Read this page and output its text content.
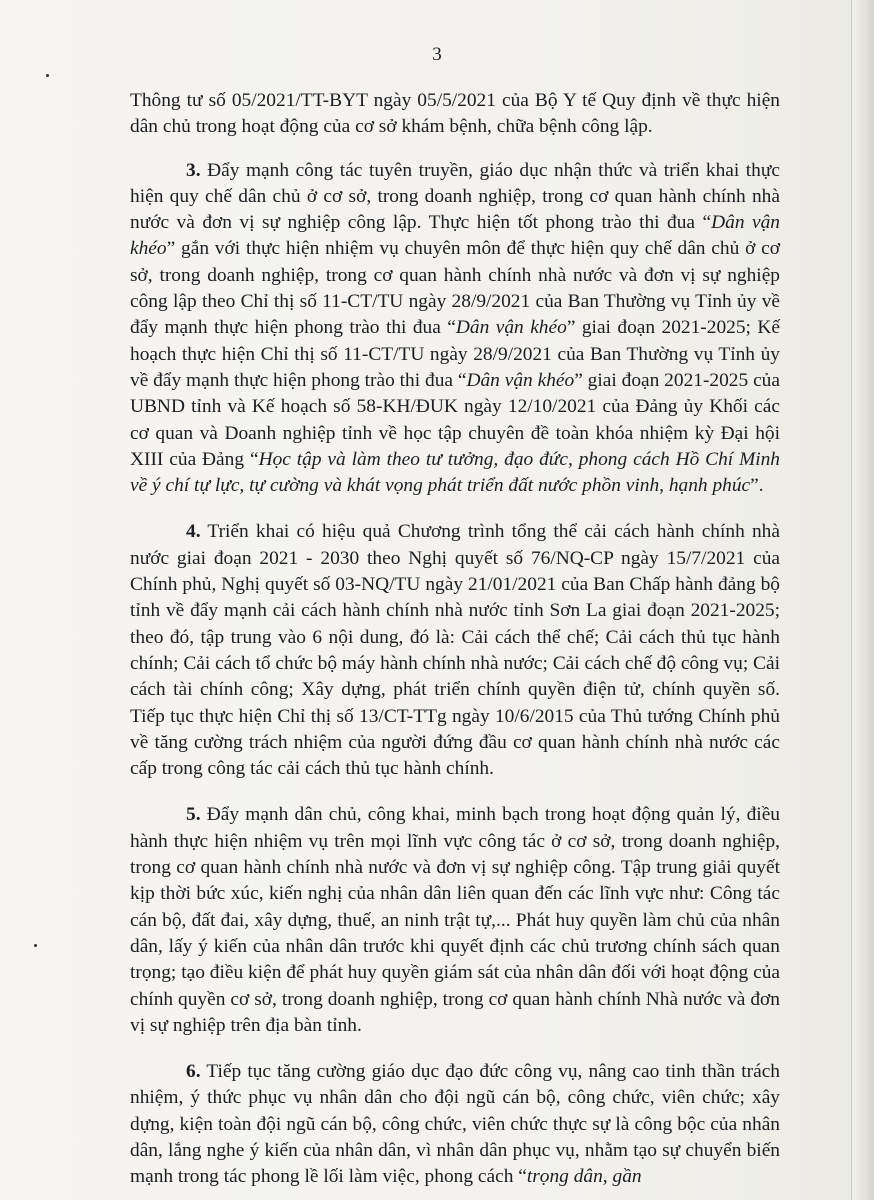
3

Thông tư số 05/2021/TT-BYT ngày 05/5/2021 của Bộ Y tế Quy định về thực hiện dân chủ trong hoạt động của cơ sở khám bệnh, chữa bệnh công lập.

3. Đẩy mạnh công tác tuyên truyền, giáo dục nhận thức và triển khai thực hiện quy chế dân chủ ở cơ sở, trong doanh nghiệp, trong cơ quan hành chính nhà nước và đơn vị sự nghiệp công lập. Thực hiện tốt phong trào thi đua “Dân vận khéo” gắn với thực hiện nhiệm vụ chuyên môn để thực hiện quy chế dân chủ ở cơ sở, trong doanh nghiệp, trong cơ quan hành chính nhà nước và đơn vị sự nghiệp công lập theo Chỉ thị số 11-CT/TU ngày 28/9/2021 của Ban Thường vụ Tỉnh ủy về đẩy mạnh thực hiện phong trào thi đua “Dân vận khéo” giai đoạn 2021-2025; Kế hoạch thực hiện Chỉ thị số 11-CT/TU ngày 28/9/2021 của Ban Thường vụ Tỉnh ủy về đẩy mạnh thực hiện phong trào thi đua “Dân vận khéo” giai đoạn 2021-2025 của UBND tỉnh và Kế hoạch số 58-KH/ĐUK ngày 12/10/2021 của Đảng ủy Khối các cơ quan và Doanh nghiệp tỉnh về học tập chuyên đề toàn khóa nhiệm kỳ Đại hội XIII của Đảng “Học tập và làm theo tư tưởng, đạo đức, phong cách Hồ Chí Minh về ý chí tự lực, tự cường và khát vọng phát triển đất nước phồn vinh, hạnh phúc”.

4. Triển khai có hiệu quả Chương trình tổng thể cải cách hành chính nhà nước giai đoạn 2021 - 2030 theo Nghị quyết số 76/NQ-CP ngày 15/7/2021 của Chính phủ, Nghị quyết số 03-NQ/TU ngày 21/01/2021 của Ban Chấp hành đảng bộ tỉnh về đẩy mạnh cải cách hành chính nhà nước tỉnh Sơn La giai đoạn 2021-2025; theo đó, tập trung vào 6 nội dung, đó là: Cải cách thể chế; Cải cách thủ tục hành chính; Cải cách tổ chức bộ máy hành chính nhà nước; Cải cách chế độ công vụ; Cải cách tài chính công; Xây dựng, phát triển chính quyền điện tử, chính quyền số. Tiếp tục thực hiện Chỉ thị số 13/CT-TTg ngày 10/6/2015 của Thủ tướng Chính phủ về tăng cường trách nhiệm của người đứng đầu cơ quan hành chính nhà nước các cấp trong công tác cải cách thủ tục hành chính.

5. Đẩy mạnh dân chủ, công khai, minh bạch trong hoạt động quản lý, điều hành thực hiện nhiệm vụ trên mọi lĩnh vực công tác ở cơ sở, trong doanh nghiệp, trong cơ quan hành chính nhà nước và đơn vị sự nghiệp công. Tập trung giải quyết kịp thời bức xúc, kiến nghị của nhân dân liên quan đến các lĩnh vực như: Công tác cán bộ, đất đai, xây dựng, thuế, an ninh trật tự,... Phát huy quyền làm chủ của nhân dân, lấy ý kiến của nhân dân trước khi quyết định các chủ trương chính sách quan trọng; tạo điều kiện để phát huy quyền giám sát của nhân dân đối với hoạt động của chính quyền cơ sở, trong doanh nghiệp, trong cơ quan hành chính Nhà nước và đơn vị sự nghiệp trên địa bàn tỉnh.

6. Tiếp tục tăng cường giáo dục đạo đức công vụ, nâng cao tinh thần trách nhiệm, ý thức phục vụ nhân dân cho đội ngũ cán bộ, công chức, viên chức; xây dựng, kiện toàn đội ngũ cán bộ, công chức, viên chức thực sự là công bộc của nhân dân, lắng nghe ý kiến của nhân dân, vì nhân dân phục vụ, nhằm tạo sự chuyển biến mạnh trong tác phong lề lối làm việc, phong cách “trọng dân, gần
